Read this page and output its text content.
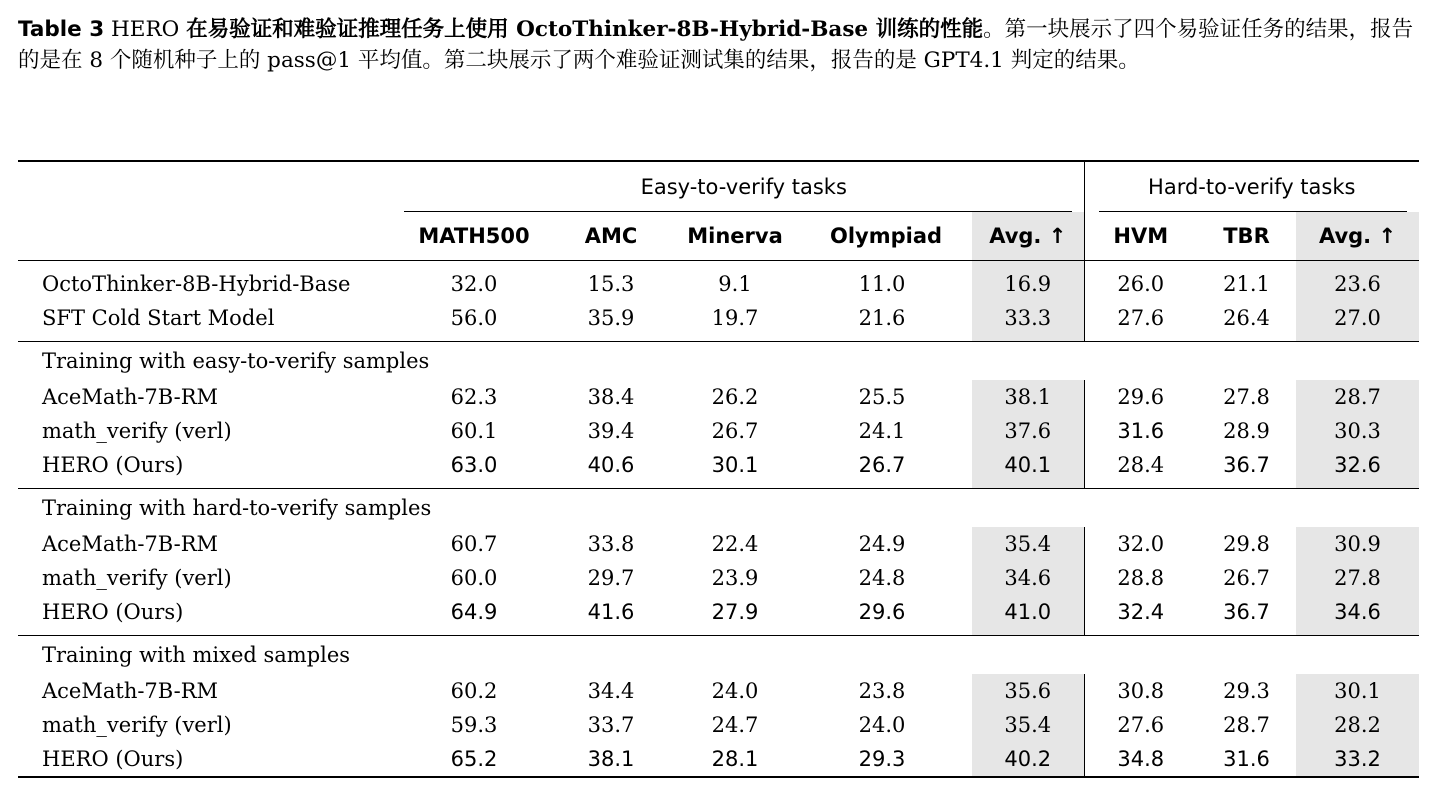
Table 3 HERO 在易验证和难验证推理任务上使用 OctoThinker-8B-Hybrid-Base 训练的性能。第一块展示了四个易验证任务的结果，报告的是在 8 个随机种子上的 pass@1 平均值。第二块展示了两个难验证测试集的结果，报告的是 GPT4.1 判定的结果。
	Easy-to-verify tasks					Hard-to-verify tasks		

	MATH500	AMC	Minerva	Olympiad	Avg. ↑	HVM	TBR	Avg. ↑

OctoThinker-8B-Hybrid-Base	32.0	15.3	9.1	11.0	16.9	26.0	21.1	23.6
SFT Cold Start Model	56.0	35.9	19.7	21.6	33.3	27.6	26.4	27.0

Training with easy-to-verify samples								
AceMath-7B-RM	62.3	38.4	26.2	25.5	38.1	29.6	27.8	28.7
math_verify (verl)	60.1	39.4	26.7	24.1	37.6	31.6	28.9	30.3
HERO (Ours)	63.0	40.6	30.1	26.7	40.1	28.4	36.7	32.6

Training with hard-to-verify samples								
AceMath-7B-RM	60.7	33.8	22.4	24.9	35.4	32.0	29.8	30.9
math_verify (verl)	60.0	29.7	23.9	24.8	34.6	28.8	26.7	27.8
HERO (Ours)	64.9	41.6	27.9	29.6	41.0	32.4	36.7	34.6

Training with mixed samples								
AceMath-7B-RM	60.2	34.4	24.0	23.8	35.6	30.8	29.3	30.1
math_verify (verl)	59.3	33.7	24.7	24.0	35.4	27.6	28.7	28.2
HERO (Ours)	65.2	38.1	28.1	29.3	40.2	34.8	31.6	33.2
